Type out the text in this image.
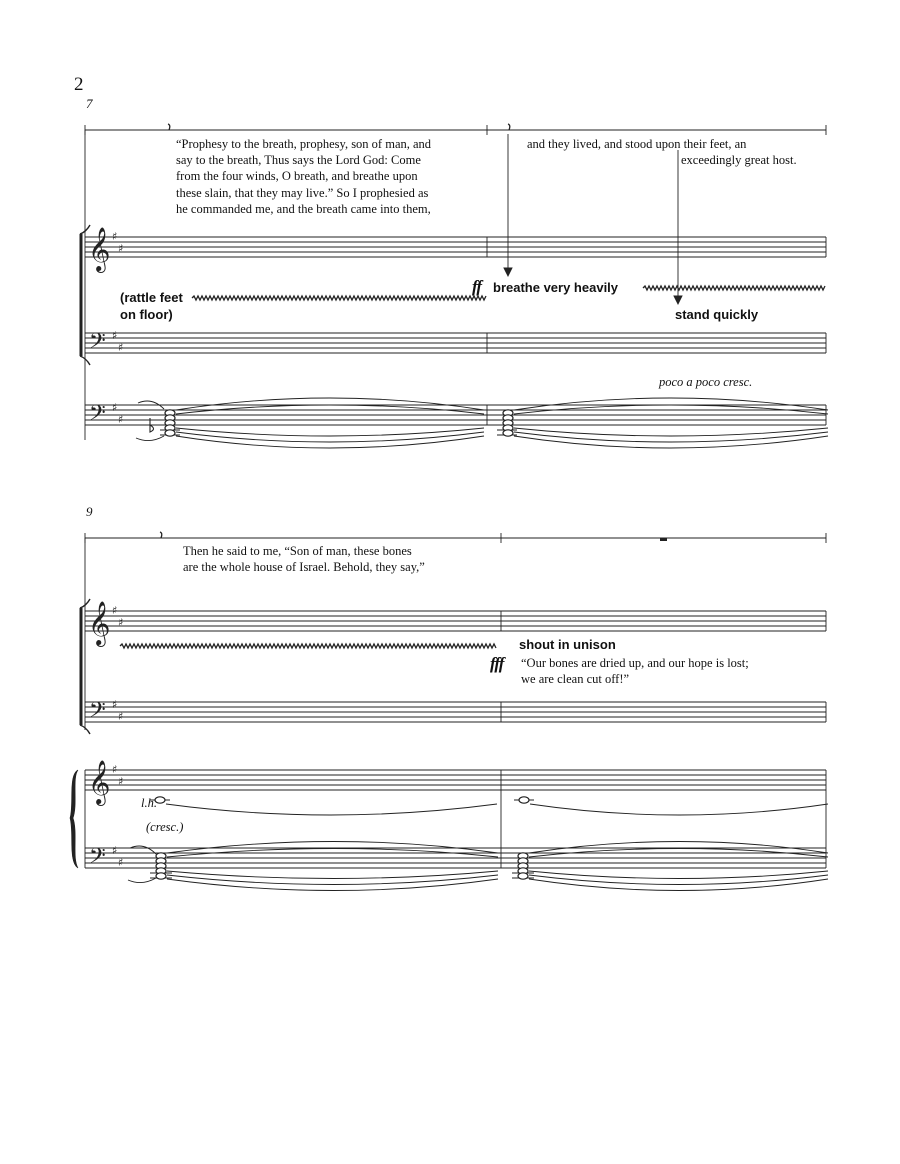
𝄞
𝄞
𝄞
𝄢
𝄢
𝄢
𝄢
♯
♯
♯
♯
♯
♯
♯
♯
♯
♯
♯
♯
♯
♯
2
7
“Prophesy to the breath, prophesy, son of man, and
say to the breath, Thus says the Lord God: Come
from the four winds, O breath, and breathe upon
these slain, that they may live.” So I prophesied as
he commanded me, and the breath came into them,
and they lived, and stood upon their feet, an
exceedingly great host.
(rattle feet
on floor)
ff breathe very heavily
stand quickly
poco a poco cresc.
9
Then he said to me, “Son of man, these bones
are the whole house of Israel. Behold, they say,”
shout in unison
fff “Our bones are dried up, and our hope is lost;
we are clean cut off!”
l.h.
(cresc.)
